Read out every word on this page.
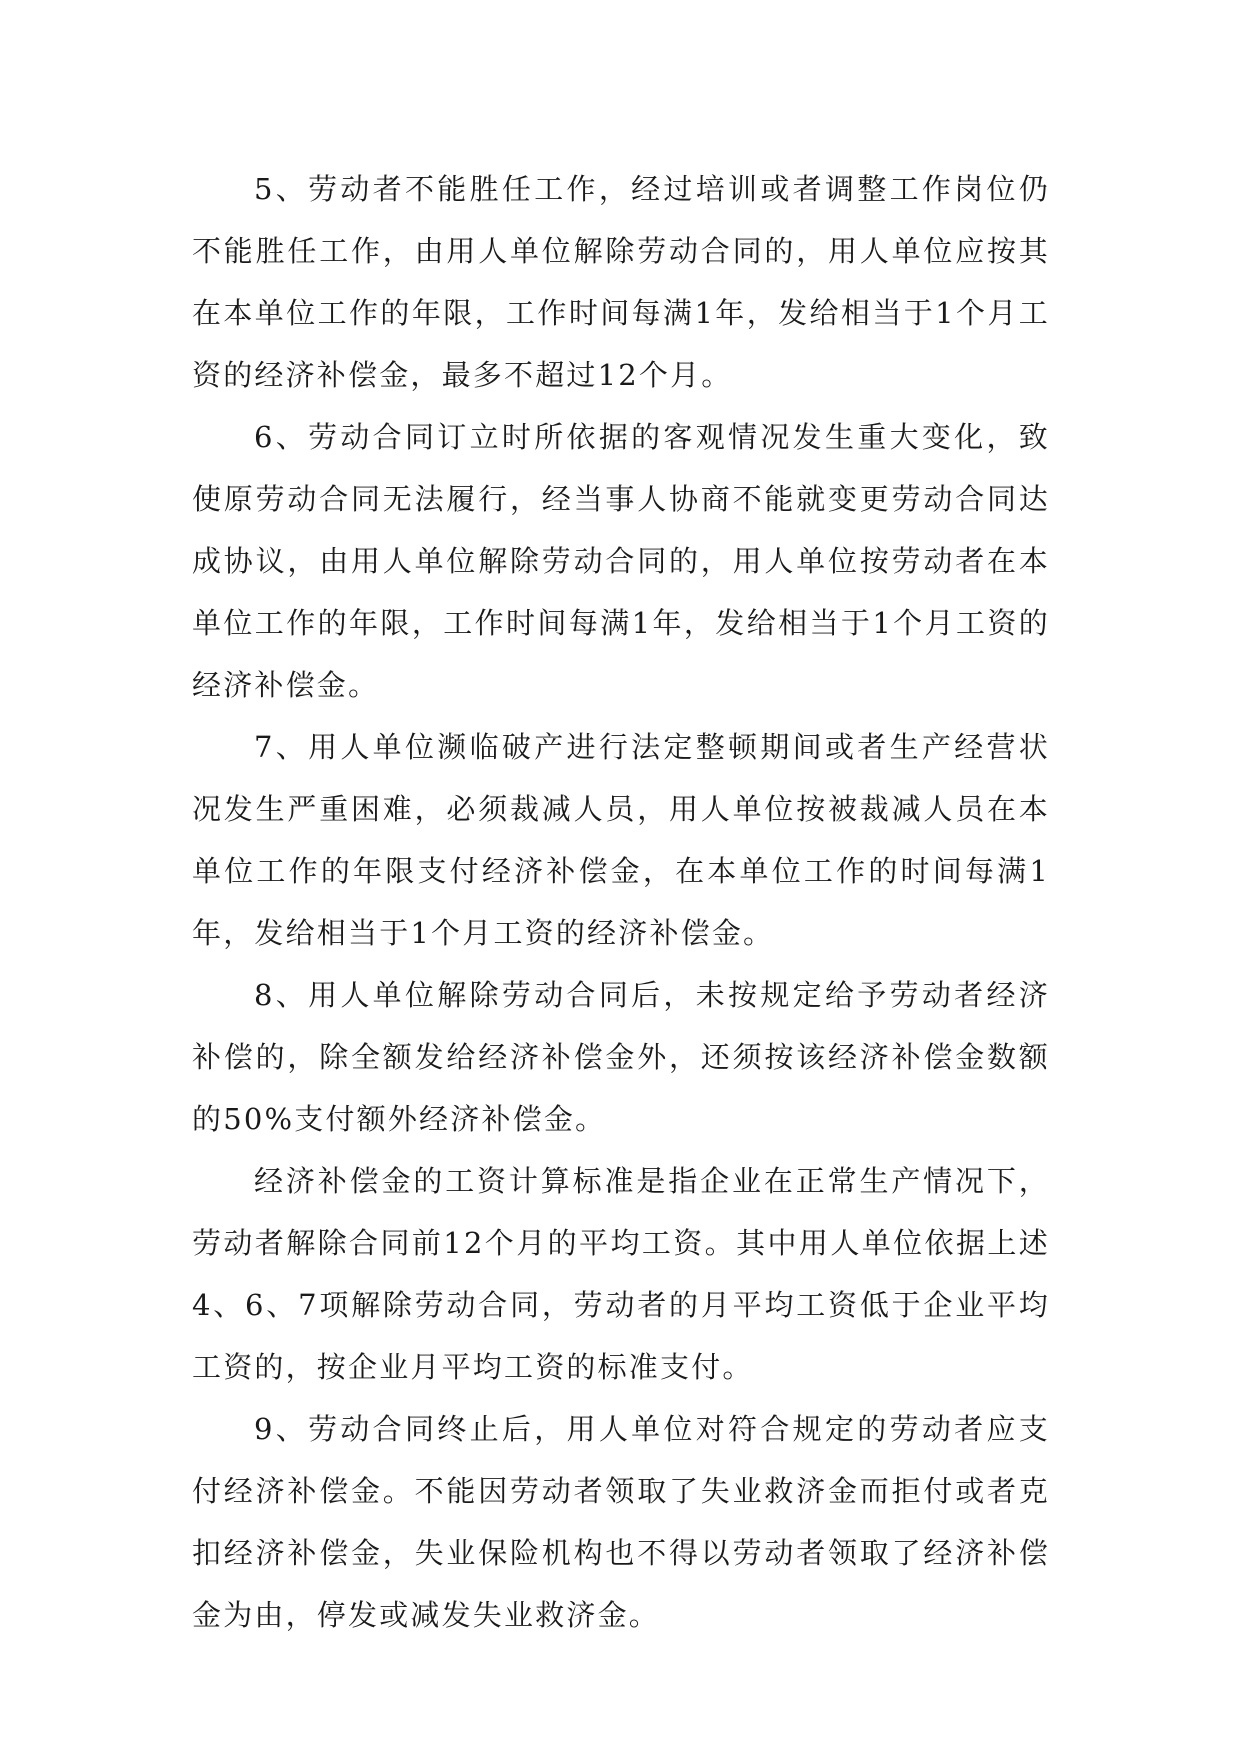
5、劳动者不能胜任工作，经过培训或者调整工作岗位仍不能胜任工作，由用人单位解除劳动合同的，用人单位应按其在本单位工作的年限，工作时间每满1年，发给相当于1个月工资的经济补偿金，最多不超过12个月。

6、劳动合同订立时所依据的客观情况发生重大变化，致使原劳动合同无法履行，经当事人协商不能就变更劳动合同达成协议，由用人单位解除劳动合同的，用人单位按劳动者在本单位工作的年限，工作时间每满1年，发给相当于1个月工资的经济补偿金。

7、用人单位濒临破产进行法定整顿期间或者生产经营状况发生严重困难，必须裁减人员，用人单位按被裁减人员在本单位工作的年限支付经济补偿金，在本单位工作的时间每满1年，发给相当于1个月工资的经济补偿金。

8、用人单位解除劳动合同后，未按规定给予劳动者经济补偿的，除全额发给经济补偿金外，还须按该经济补偿金数额的50%支付额外经济补偿金。

经济补偿金的工资计算标准是指企业在正常生产情况下，劳动者解除合同前12个月的平均工资。其中用人单位依据上述4、6、7项解除劳动合同，劳动者的月平均工资低于企业平均工资的，按企业月平均工资的标准支付。

9、劳动合同终止后，用人单位对符合规定的劳动者应支付经济补偿金。不能因劳动者领取了失业救济金而拒付或者克扣经济补偿金，失业保险机构也不得以劳动者领取了经济补偿金为由，停发或减发失业救济金。
